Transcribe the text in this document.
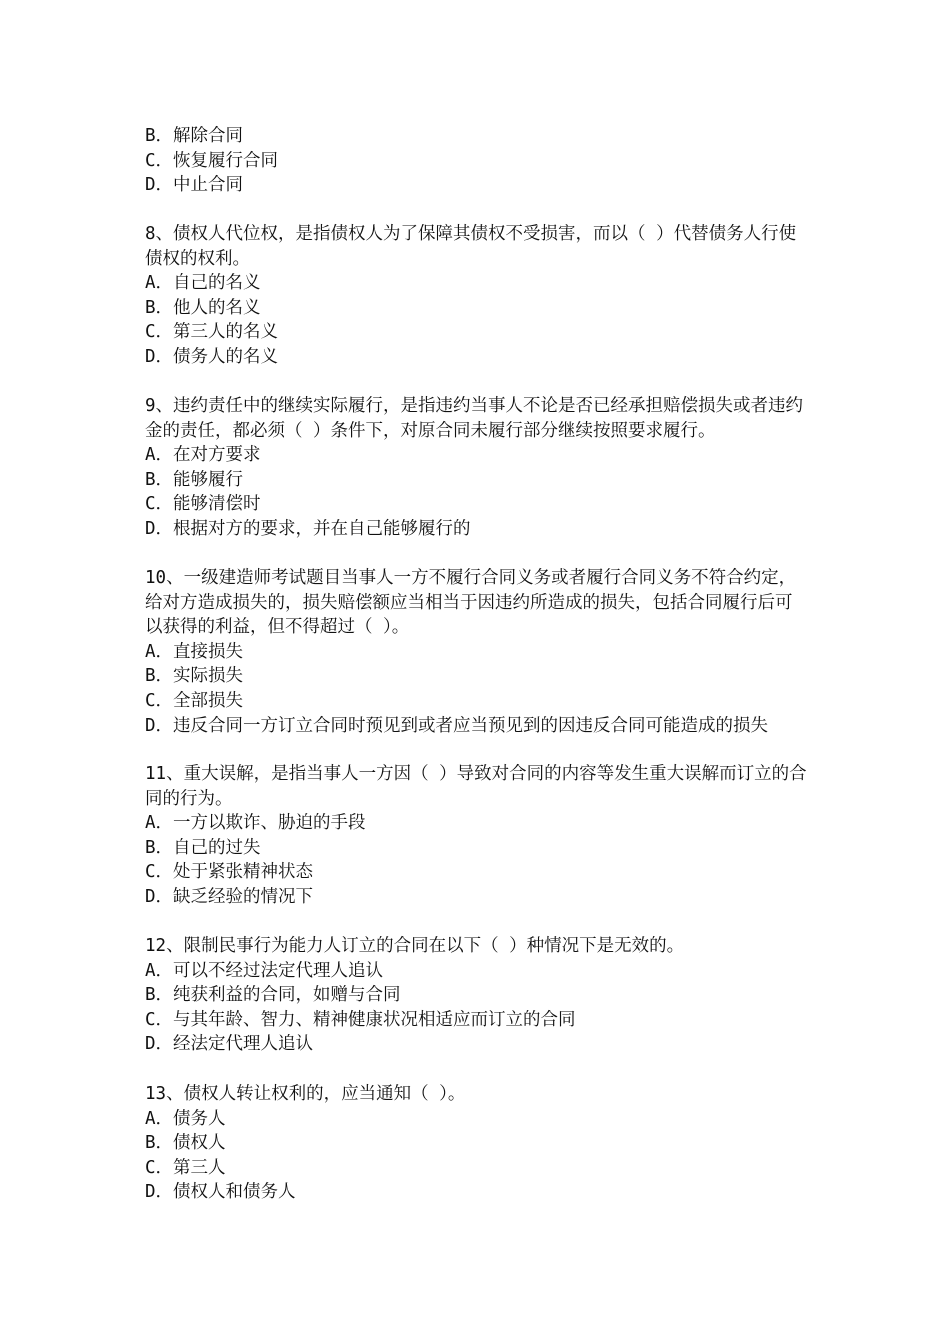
B．解除合同
C．恢复履行合同
D．中止合同
8、债权人代位权，是指债权人为了保障其债权不受损害，而以（ ）代替债务人行使
债权的权利。
A．自己的名义
B．他人的名义
C．第三人的名义
D．债务人的名义
9、违约责任中的继续实际履行，是指违约当事人不论是否已经承担赔偿损失或者违约
金的责任，都必须（ ）条件下，对原合同未履行部分继续按照要求履行。
A．在对方要求
B．能够履行
C．能够清偿时
D．根据对方的要求，并在自己能够履行的
10、一级建造师考试题目当事人一方不履行合同义务或者履行合同义务不符合约定，
给对方造成损失的，损失赔偿额应当相当于因违约所造成的损失，包括合同履行后可
以获得的利益，但不得超过（ ）。
A．直接损失
B．实际损失
C．全部损失
D．违反合同一方订立合同时预见到或者应当预见到的因违反合同可能造成的损失
11、重大误解，是指当事人一方因（ ）导致对合同的内容等发生重大误解而订立的合
同的行为。
A．一方以欺诈、胁迫的手段
B．自己的过失
C．处于紧张精神状态
D．缺乏经验的情况下
12、限制民事行为能力人订立的合同在以下（ ）种情况下是无效的。
A．可以不经过法定代理人追认
B．纯获利益的合同，如赠与合同
C．与其年龄、智力、精神健康状况相适应而订立的合同
D．经法定代理人追认
13、债权人转让权利的，应当通知（ ）。
A．债务人
B．债权人
C．第三人
D．债权人和债务人
